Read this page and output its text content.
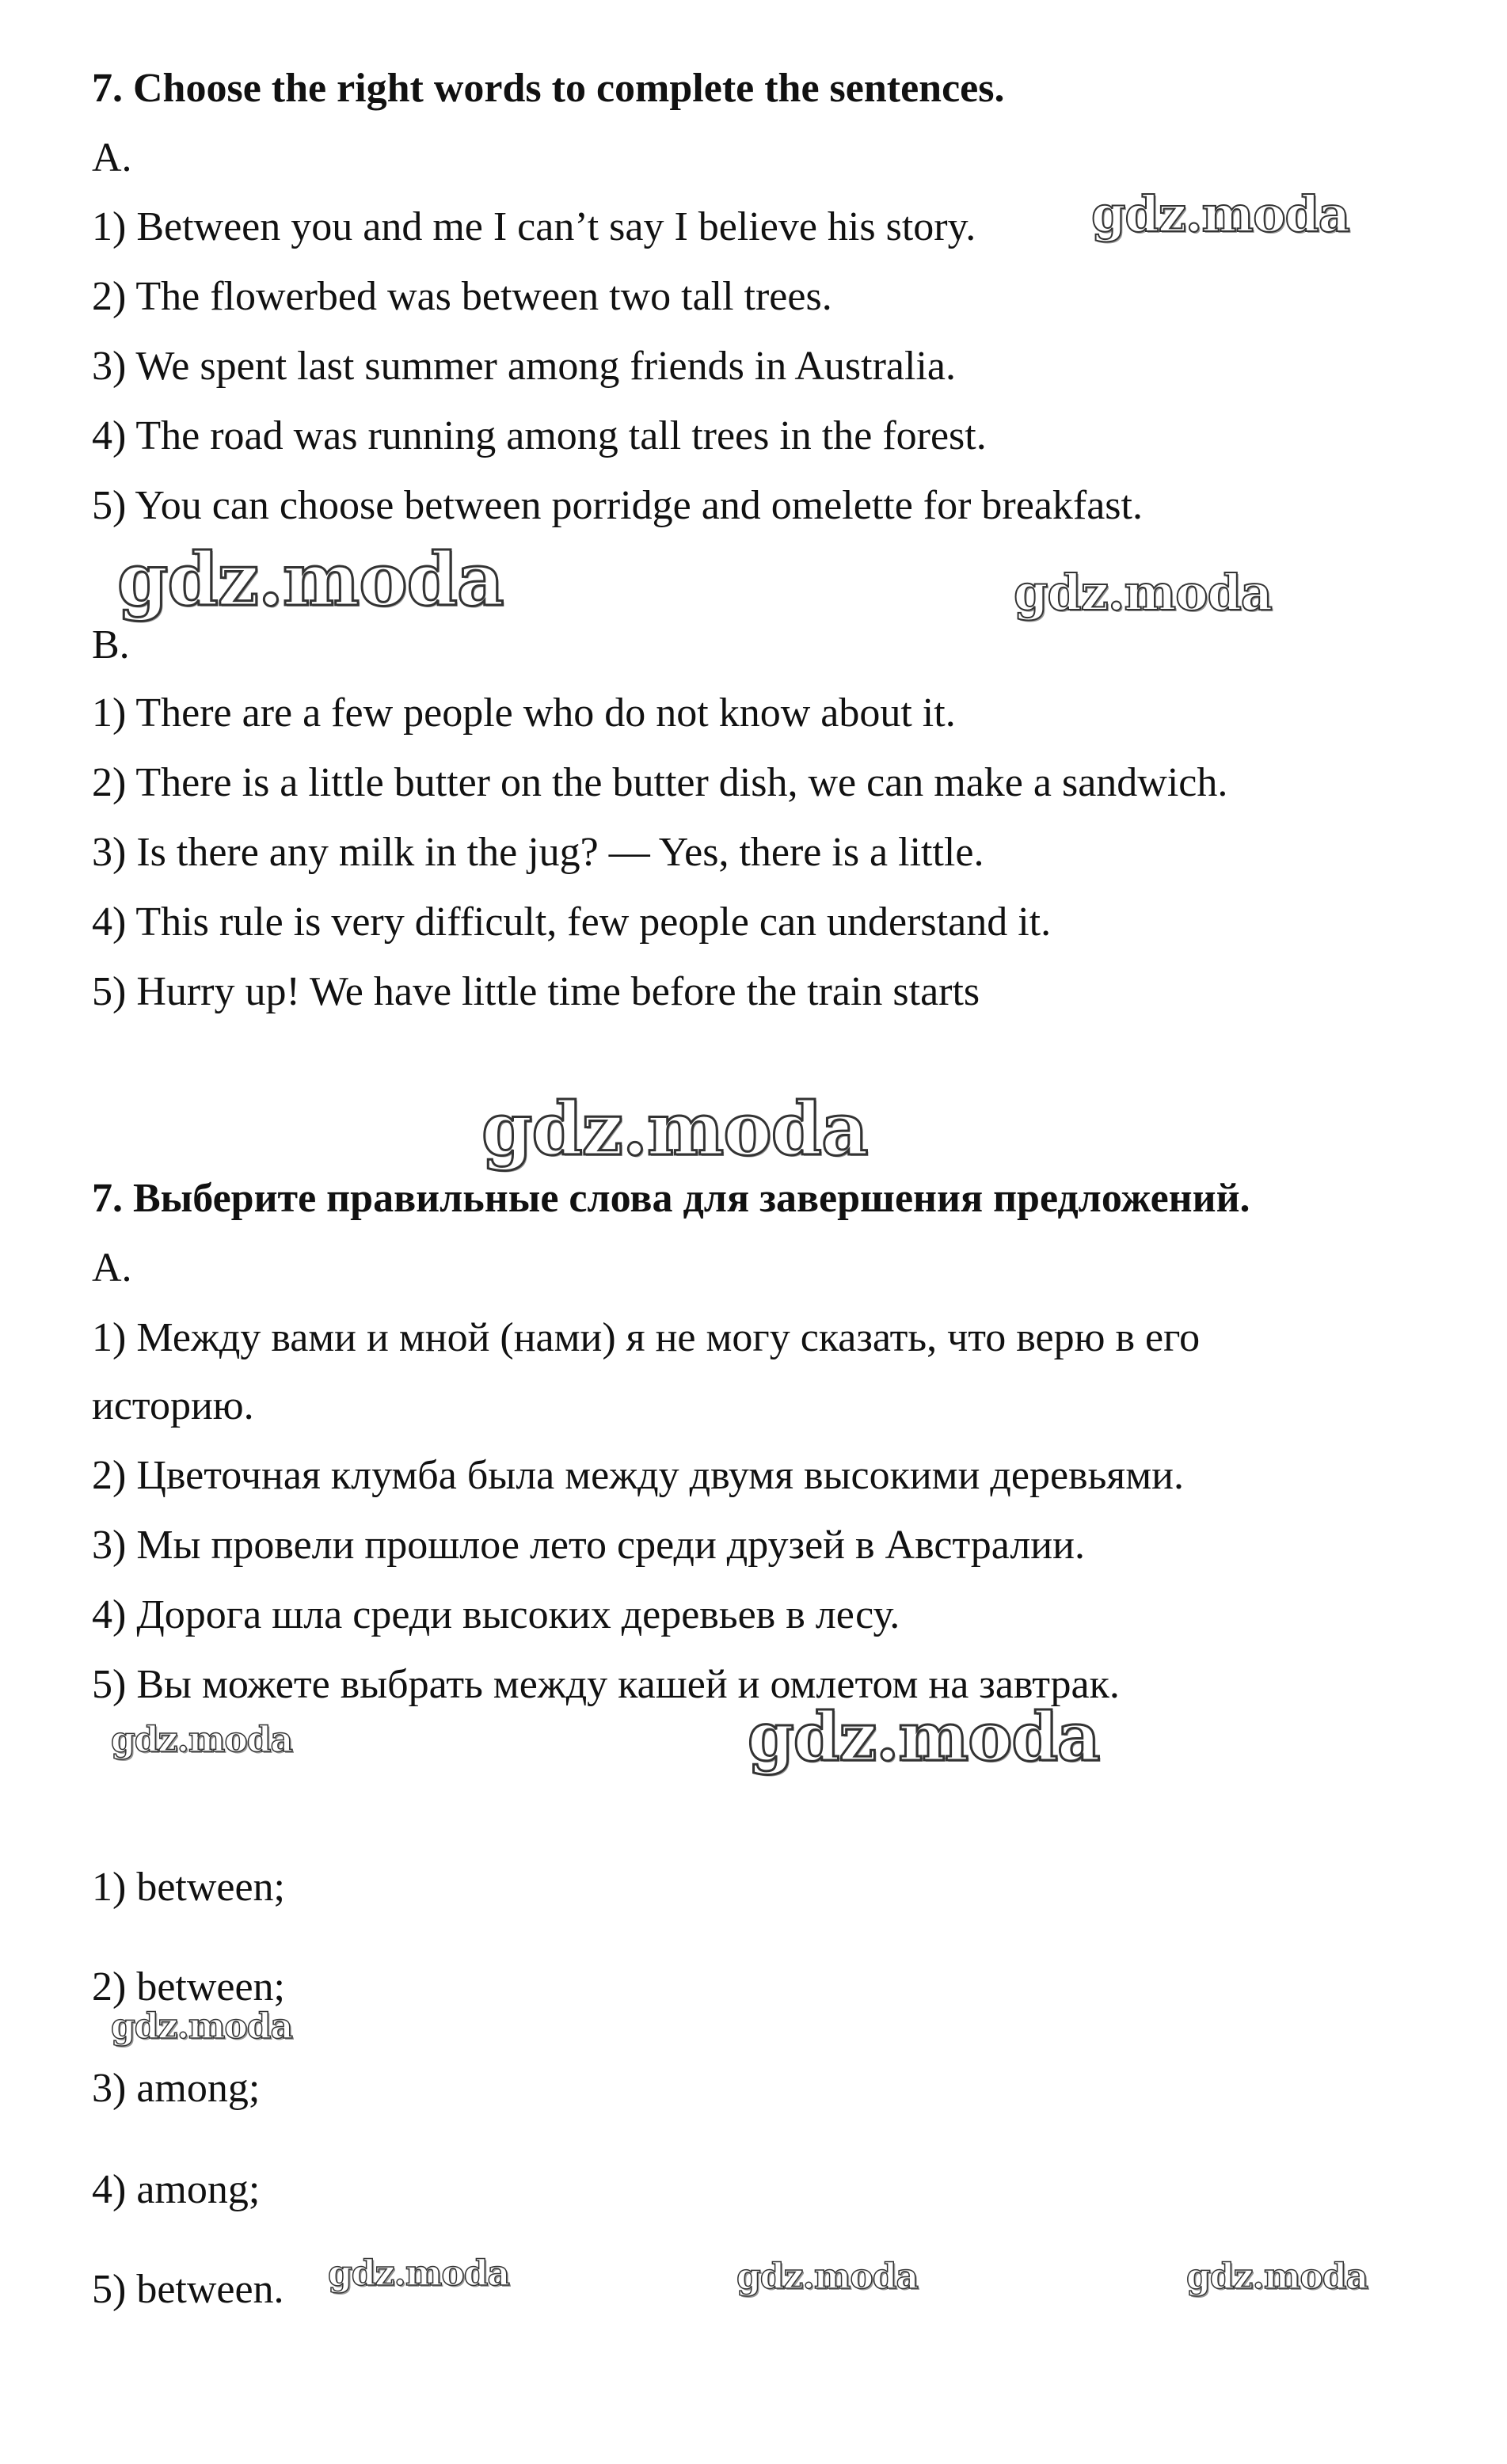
7. Choose the right words to complete the sentences.
A.
1) Between you and me I can’t say I believe his story.
2) The flowerbed was between two tall trees.
3) We spent last summer among friends in Australia.
4) The road was running among tall trees in the forest.
5) You can choose between porridge and omelette for breakfast.
B.
1) There are a few people who do not know about it.
2) There is a little butter on the butter dish, we can make a sandwich.
3) Is there any milk in the jug? — Yes, there is a little.
4) This rule is very difficult, few people can understand it.
5) Hurry up! We have little time before the train starts
7. Выберите правильные слова для завершения предложений.
A.
1) Между вами и мной (нами) я не могу сказать, что верю в его
историю.
2) Цветочная клумба была между двумя высокими деревьями.
3) Мы провели прошлое лето среди друзей в Австралии.
4) Дорога шла среди высоких деревьев в лесу.
5) Вы можете выбрать между кашей и омлетом на завтрак.
1) between;
2) between;
3) among;
4) among;
5) between.
gdz.moda
gdz.moda	gdz.moda
gdz.moda
gdz.moda	gdz.moda
gdz.moda
gdz.moda	gdz.moda	gdz.moda
